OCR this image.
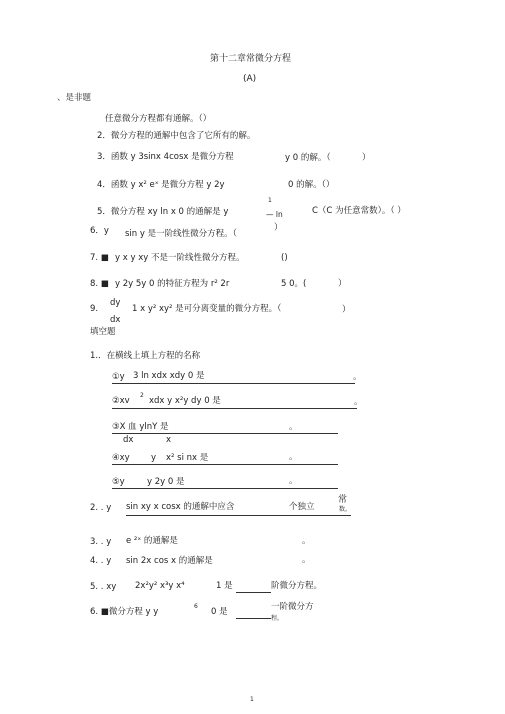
第十二章常微分方程
(A)
、是非题
任意微分方程都有通解。（）
2．微分方程的通解中包含了它所有的解。
3．函数 y 3sinx 4cosx 是微分方程	y 0 的解。（	）
4．函数 y x² eˣ 是微分方程 y 2y	0 的解。（）
5．微分方程 xy ln x 0 的通解是 y
1
— ln	C（C 为任意常数）。（ ）
6．y sin y 是一阶线性微分方程。（
）
7. ■ y x y xy 不是一阶线性微分方程。	()
8. ■ y 2y 5y 0 的特征方程为 r² 2r	5 0。(	）
9.
dy
dx
1 x y² xy² 是可分离变量的微分方程。（	）
填空题
1.．在横线上填上方程的名称
①y 3 ln xdx xdy 0 是	。
②xv
2
xdx y x²y dy 0 是	。
③X 血 ylnY 是	。
dx	x
④xy	y x² si nx 是	。
⑤y	y 2y 0 是	。
2. . y sin xy x cosx 的通解中应含	个独立
常
数。
3. . y e ²ˣ 的通解是	。
4. . y sin 2x cos x 的通解是	。
5. . xy 2x²y² x³y x⁴	1 是	阶微分方程。
6. ■微分方程 y y
6
0 是	一阶微分方
程。
1
